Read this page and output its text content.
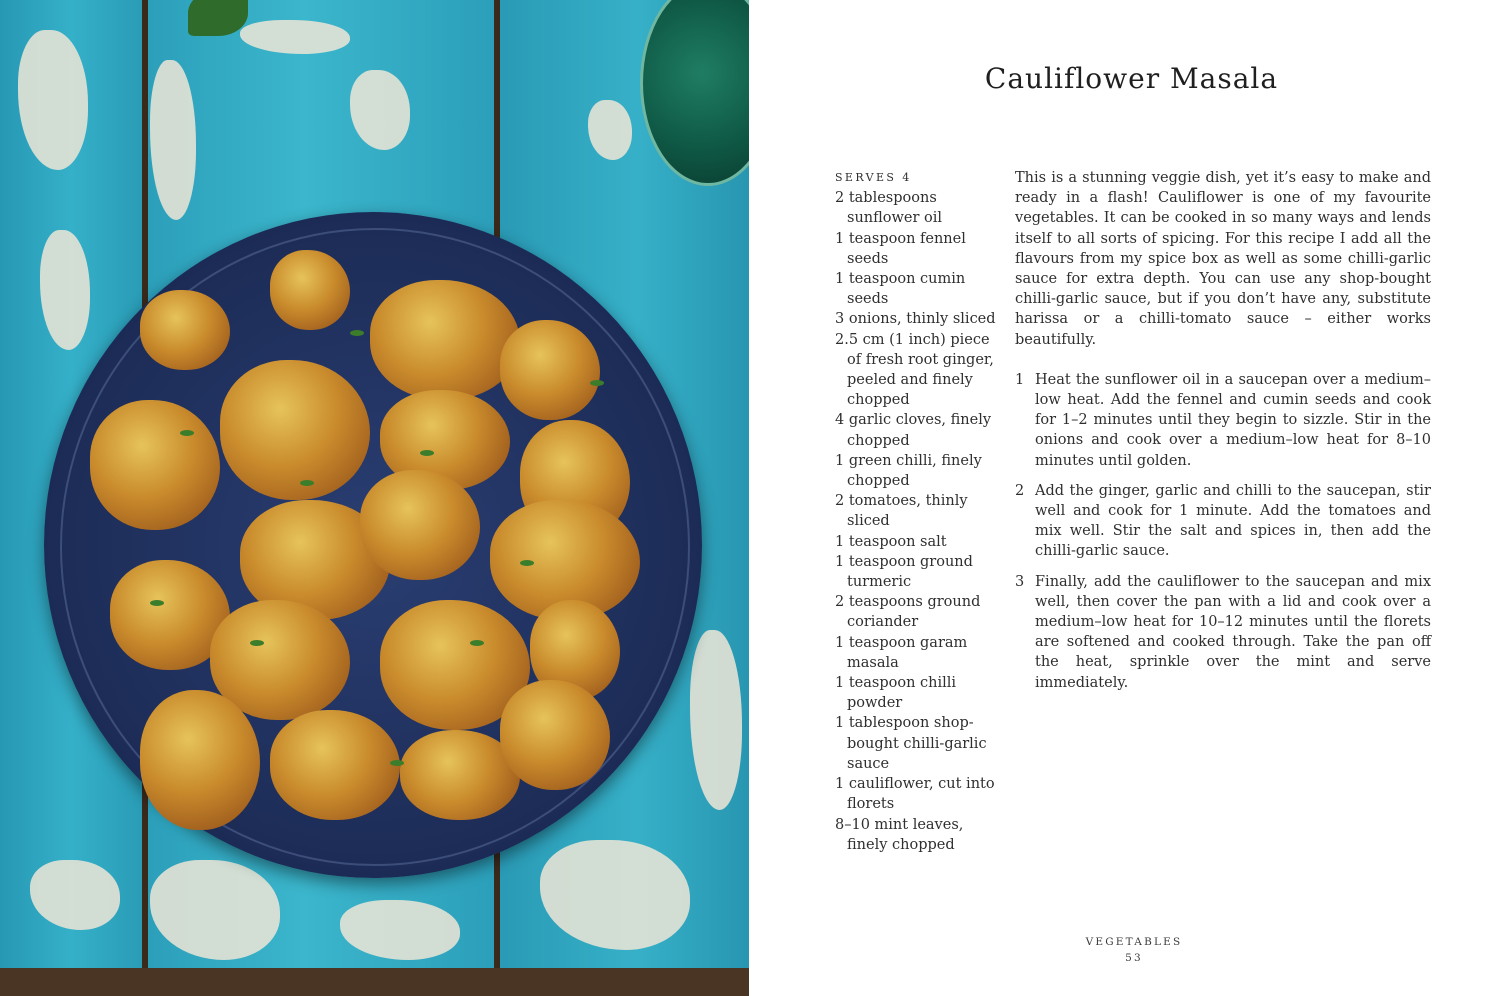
Cauliflower Masala
SERVES 4
2 tablespoons
sunflower oil
1 teaspoon fennel
seeds
1 teaspoon cumin
seeds
3 onions, thinly sliced
2.5 cm (1 inch) piece
of fresh root ginger,
peeled and finely
chopped
4 garlic cloves, finely
chopped
1 green chilli, finely
chopped
2 tomatoes, thinly
sliced
1 teaspoon salt
1 teaspoon ground
turmeric
2 teaspoons ground
coriander
1 teaspoon garam
masala
1 teaspoon chilli
powder
1 tablespoon shop-
bought chilli-garlic
sauce
1 cauliflower, cut into
florets
8–10 mint leaves,
finely chopped

This is a stunning veggie dish, yet it’s easy to make and ready in a flash! Cauliflower is one of my favourite vegetables. It can be cooked in so many ways and lends itself to all sorts of spicing. For this recipe I add all the flavours from my spice box as well as some chilli-garlic sauce for extra depth. You can use any shop-bought chilli-garlic sauce, but if you don’t have any, substitute harissa or a chilli-tomato sauce – either works beautifully.

1 Heat the sunflower oil in a saucepan over a medium–low heat. Add the fennel and cumin seeds and cook for 1–2 minutes until they begin to sizzle. Stir in the onions and cook over a medium–low heat for 8–10 minutes until golden.
2 Add the ginger, garlic and chilli to the saucepan, stir well and cook for 1 minute. Add the tomatoes and mix well. Stir the salt and spices in, then add the chilli-garlic sauce.
3 Finally, add the cauliflower to the saucepan and mix well, then cover the pan with a lid and cook over a medium–low heat for 10–12 minutes until the florets are softened and cooked through. Take the pan off the heat, sprinkle over the mint and serve immediately.
VEGETABLES
53
